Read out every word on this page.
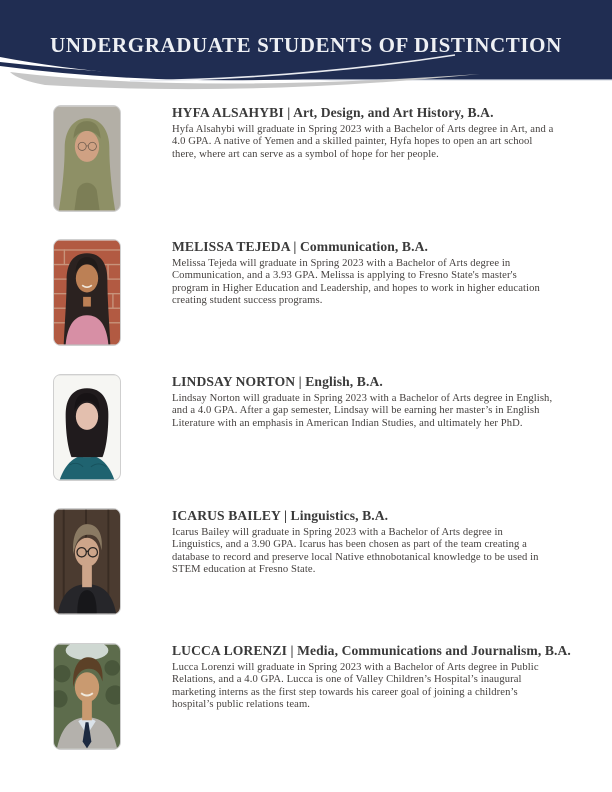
UNDERGRADUATE STUDENTS OF DISTINCTION
HYFA ALSAHYBI | Art, Design, and Art History, B.A.

Hyfa Alsahybi will graduate in Spring 2023 with a Bachelor of Arts degree in Art, and a 4.0 GPA. A native of Yemen and a skilled painter, Hyfa hopes to open an art school there, where art can serve as a symbol of hope for her people.

MELISSA TEJEDA | Communication, B.A.

Melissa Tejeda will graduate in Spring 2023 with a Bachelor of Arts degree in Communication, and a 3.93 GPA. Melissa is applying to Fresno State's master's program in Higher Education and Leadership, and hopes to work in higher education creating student success programs.

LINDSAY NORTON | English, B.A.

Lindsay Norton will graduate in Spring 2023 with a Bachelor of Arts degree in English, and a 4.0 GPA. After a gap semester, Lindsay will be earning her master’s in English Literature with an emphasis in American Indian Studies, and ultimately her PhD.

ICARUS BAILEY | Linguistics, B.A.

Icarus Bailey will graduate in Spring 2023 with a Bachelor of Arts degree in Linguistics, and a 3.90 GPA. Icarus has been chosen as part of the team creating a database to record and preserve local Native ethnobotanical knowledge to be used in STEM education at Fresno State.

LUCCA LORENZI | Media, Communications and Journalism, B.A.

Lucca Lorenzi will graduate in Spring 2023 with a Bachelor of Arts degree in Public Relations, and a 4.0 GPA. Lucca is one of Valley Children’s Hospital’s inaugural marketing interns as the first step towards his career goal of joining a children’s hospital’s public relations team.
